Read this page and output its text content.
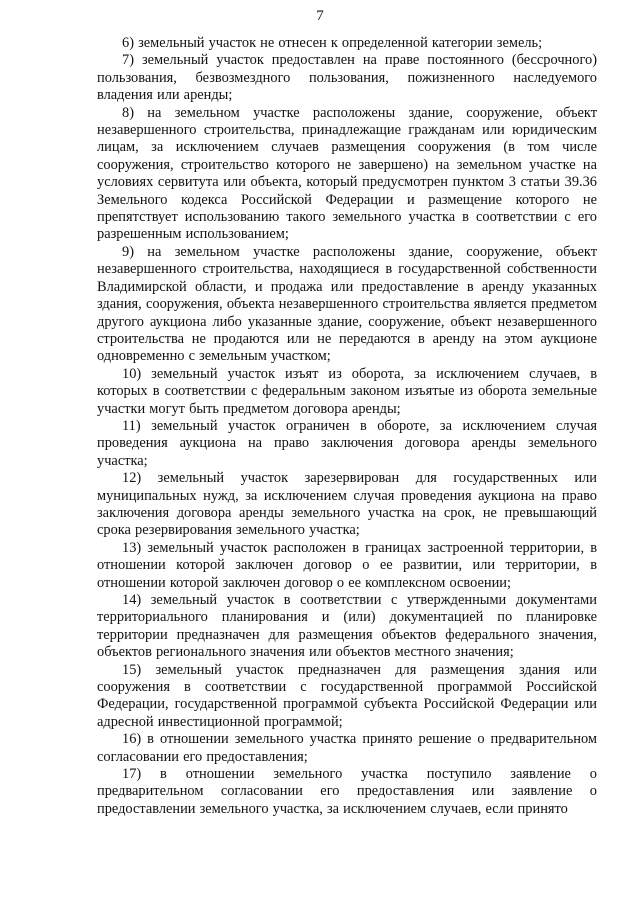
7

6) земельный участок не отнесен к определенной категории земель;

7) земельный участок предоставлен на праве постоянного (бессрочного) пользования, безвозмездного пользования, пожизненного наследуемого владения или аренды;

8) на земельном участке расположены здание, сооружение, объект незавершенного строительства, принадлежащие гражданам или юридическим лицам, за исключением случаев размещения сооружения (в том числе сооружения, строительство которого не завершено) на земельном участке на условиях сервитута или объекта, который предусмотрен пунктом 3 статьи 39.36 Земельного кодекса Российской Федерации и размещение которого не препятствует использованию такого земельного участка в соответствии с его разрешенным использованием;

9) на земельном участке расположены здание, сооружение, объект незавершенного строительства, находящиеся в государственной собственности Владимирской области, и продажа или предоставление в аренду указанных здания, сооружения, объекта незавершенного строительства является предметом другого аукциона либо указанные здание, сооружение, объект незавершенного строительства не продаются или не передаются в аренду на этом аукционе одновременно с земельным участком;

10) земельный участок изъят из оборота, за исключением случаев, в которых в соответствии с федеральным законом изъятые из оборота земельные участки могут быть предметом договора аренды;

11) земельный участок ограничен в обороте, за исключением случая проведения аукциона на право заключения договора аренды земельного участка;

12) земельный участок зарезервирован для государственных или муниципальных нужд, за исключением случая проведения аукциона на право заключения договора аренды земельного участка на срок, не превышающий срока резервирования земельного участка;

13) земельный участок расположен в границах застроенной территории, в отношении которой заключен договор о ее развитии, или территории, в отношении которой заключен договор о ее комплексном освоении;

14) земельный участок в соответствии с утвержденными документами территориального планирования и (или) документацией по планировке территории предназначен для размещения объектов федерального значения, объектов регионального значения или объектов местного значения;

15) земельный участок предназначен для размещения здания или сооружения в соответствии с государственной программой Российской Федерации, государственной программой субъекта Российской Федерации или адресной инвестиционной программой;

16) в отношении земельного участка принято решение о предварительном согласовании его предоставления;

17) в отношении земельного участка поступило заявление о предварительном согласовании его предоставления или заявление о предоставлении земельного участка, за исключением случаев, если принято
